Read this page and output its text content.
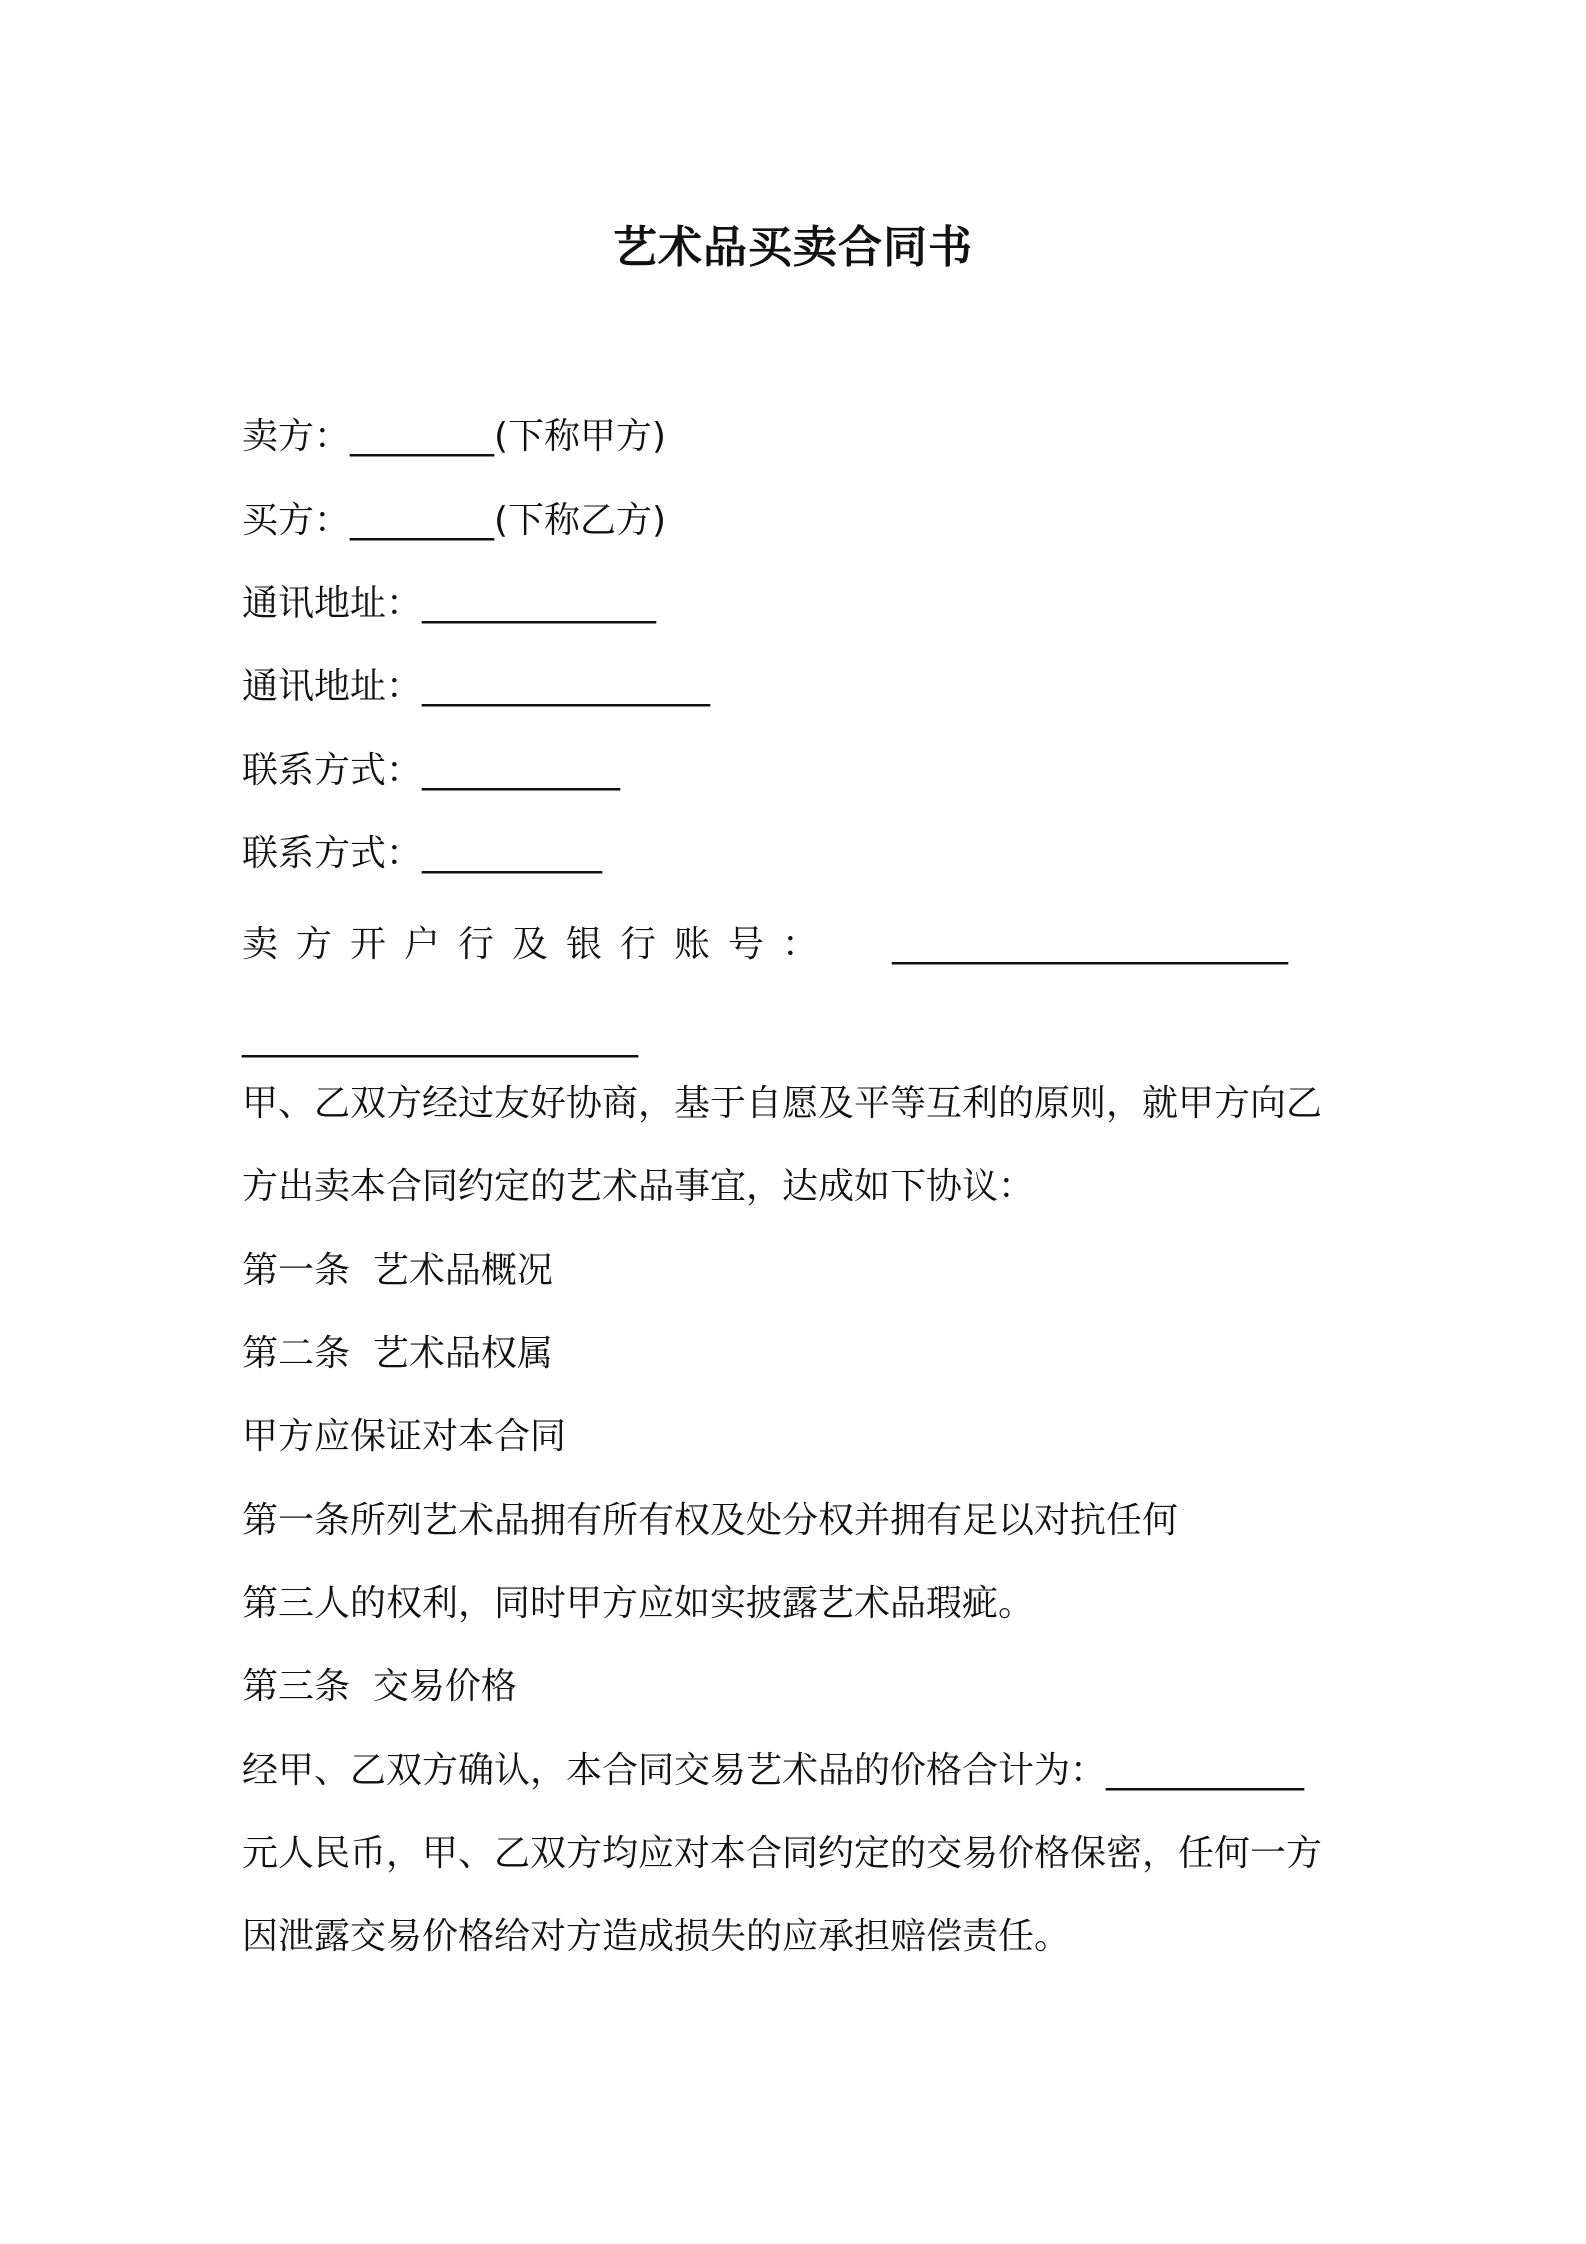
艺术品买卖合同书
卖方：________(下称甲方)
买方：________(下称乙方)
通讯地址：_____________
通讯地址：________________
联系方式：___________
联系方式：__________
卖方开户行及银行账号： ______________________
______________________
甲、乙双方经过友好协商，基于自愿及平等互利的原则，就甲方向乙
方出卖本合同约定的艺术品事宜，达成如下协议：
第一条  艺术品概况
第二条  艺术品权属
甲方应保证对本合同
第一条所列艺术品拥有所有权及处分权并拥有足以对抗任何
第三人的权利，同时甲方应如实披露艺术品瑕疵。
第三条  交易价格
经甲、乙双方确认，本合同交易艺术品的价格合计为：___________
元人民币，甲、乙双方均应对本合同约定的交易价格保密，任何一方
因泄露交易价格给对方造成损失的应承担赔偿责任。
